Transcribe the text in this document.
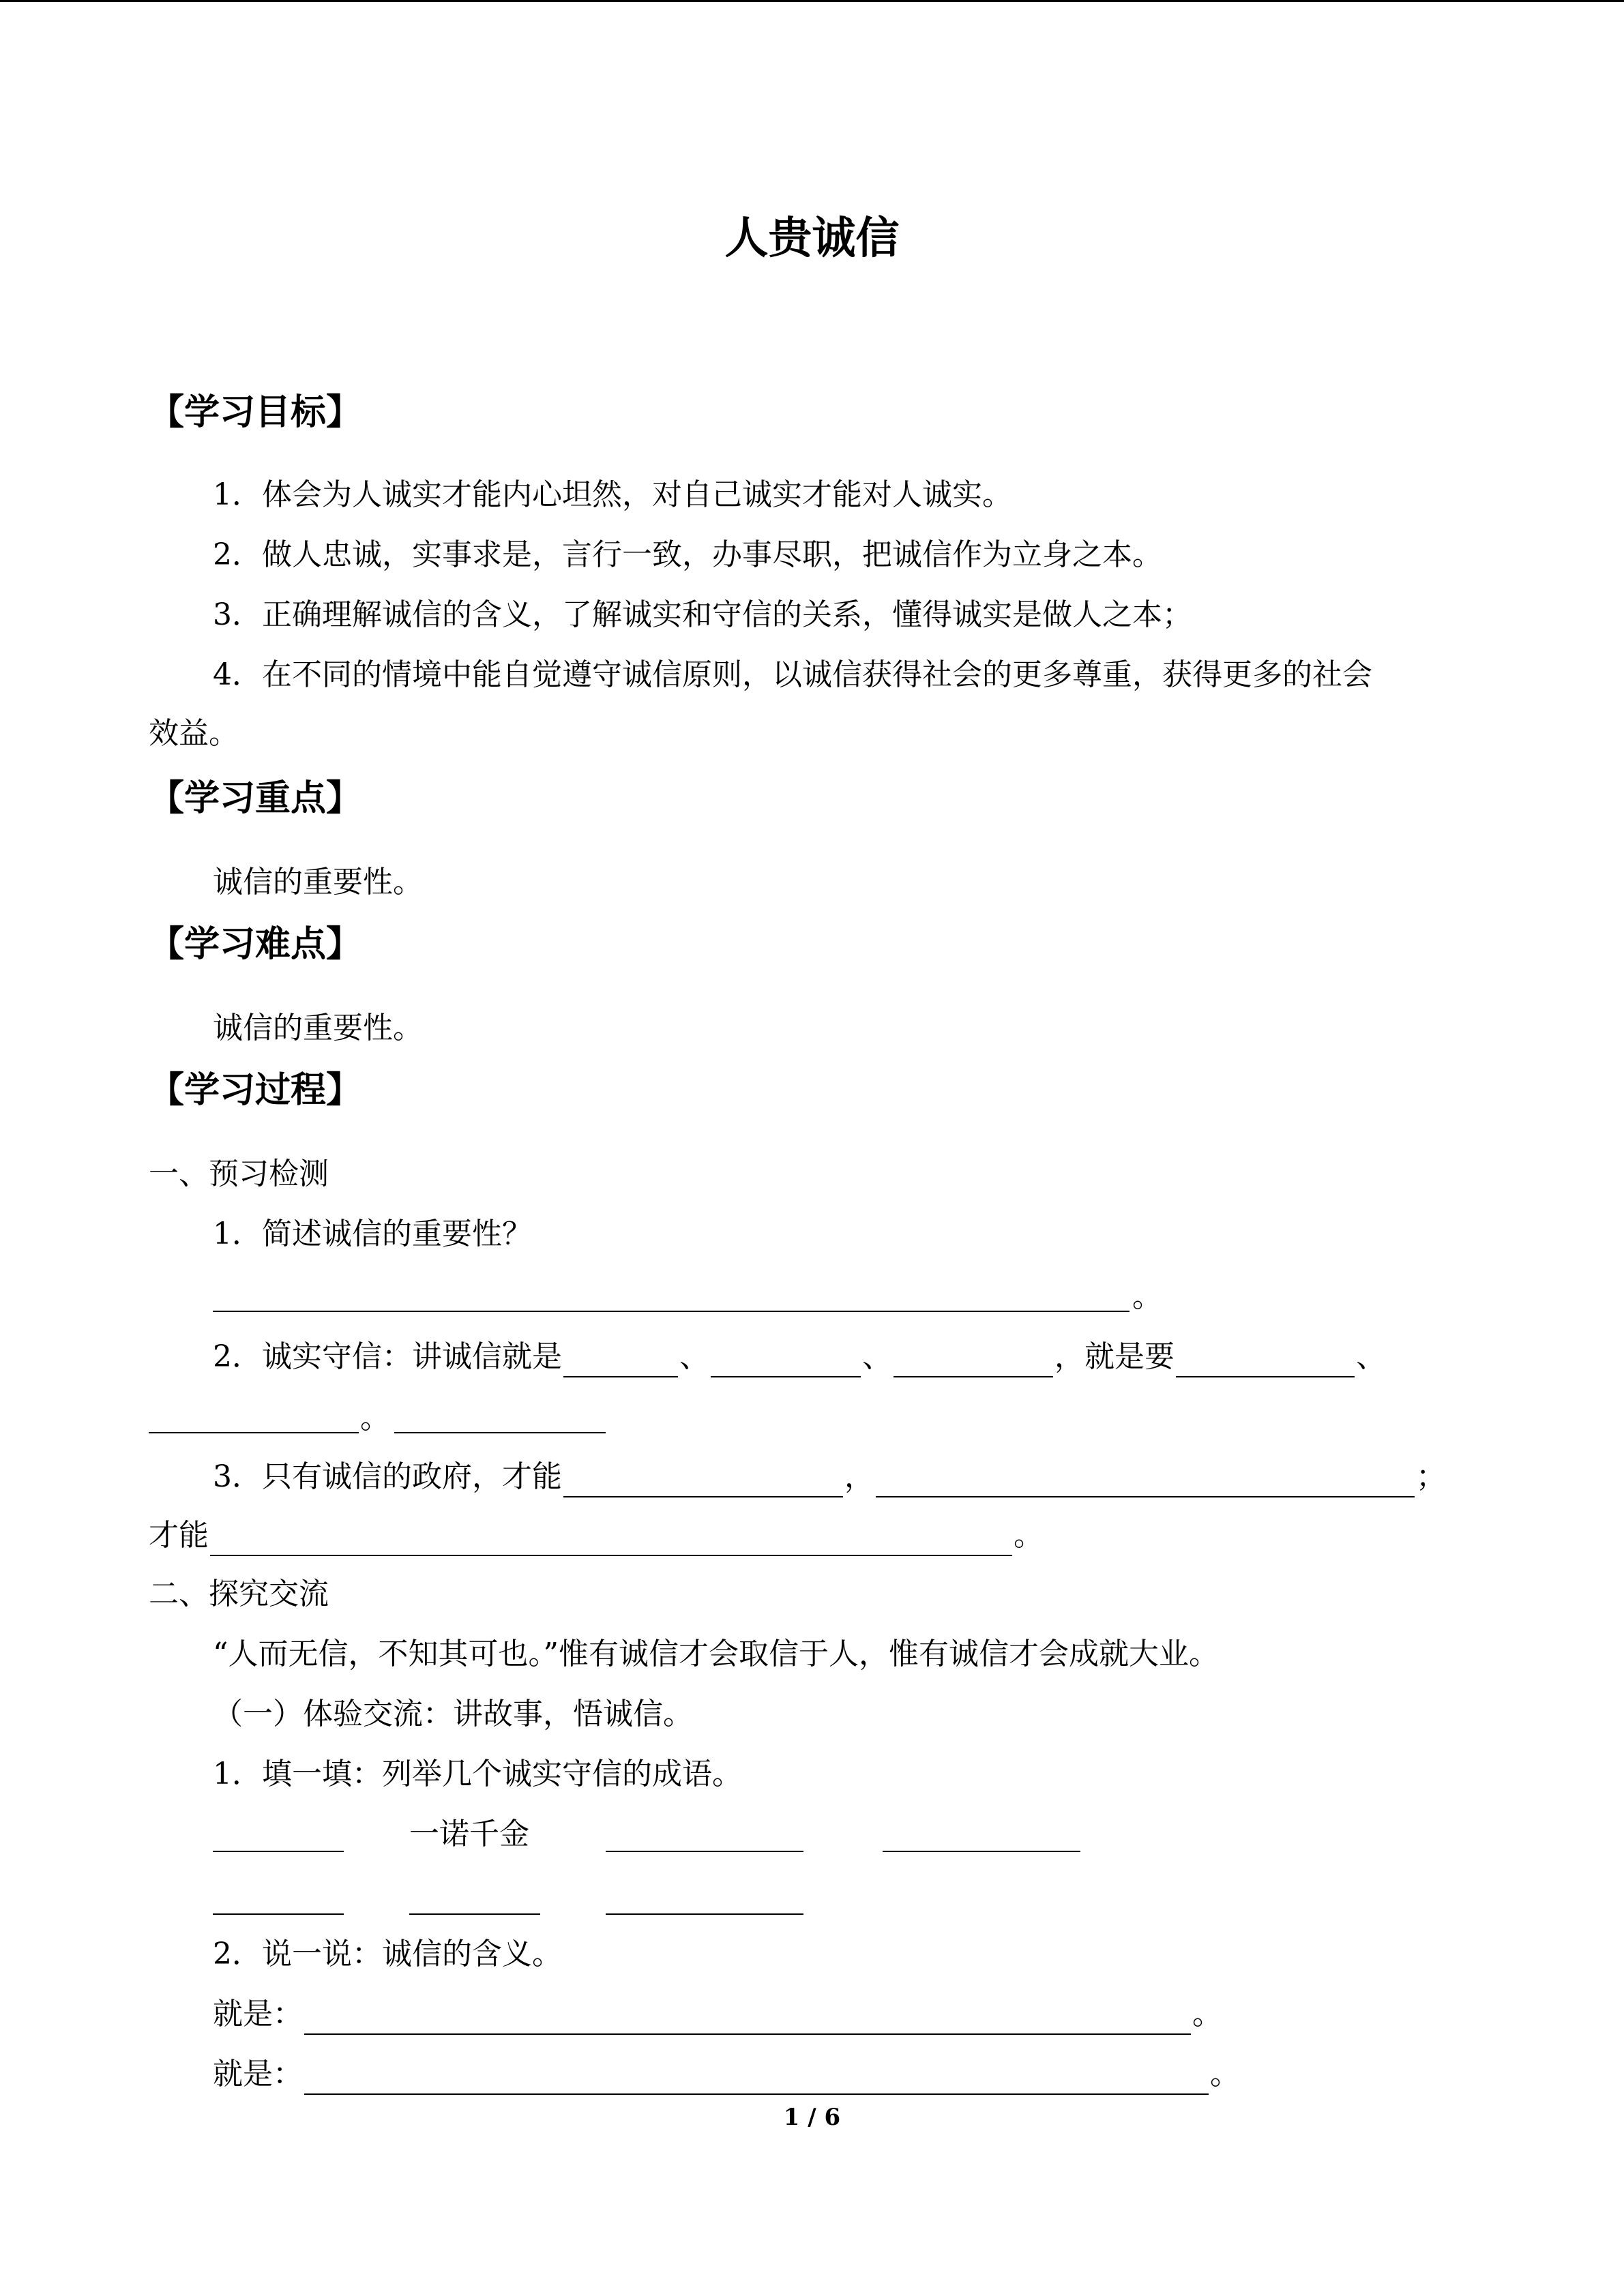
人贵诚信
【学习目标】
1．体会为人诚实才能内心坦然，对自己诚实才能对人诚实。
2．做人忠诚，实事求是，言行一致，办事尽职，把诚信作为立身之本。
3．正确理解诚信的含义，了解诚实和守信的关系，懂得诚实是做人之本；
4．在不同的情境中能自觉遵守诚信原则，以诚信获得社会的更多尊重，获得更多的社会
效益。
【学习重点】
诚信的重要性。
【学习难点】
诚信的重要性。
【学习过程】
一、预习检测
1．简述诚信的重要性？
。
2．诚实守信：讲诚信就是	、	、	，就是要	、
。
3．只有诚信的政府，才能	，	；
才能	。
二、探究交流
“人而无信，不知其可也。”惟有诚信才会取信于人，惟有诚信才会成就大业。
（一）体验交流：讲故事，悟诚信。
1．填一填：列举几个诚实守信的成语。
一诺千金
2．说一说：诚信的含义。
就是：	。
就是：	。
1 / 6
